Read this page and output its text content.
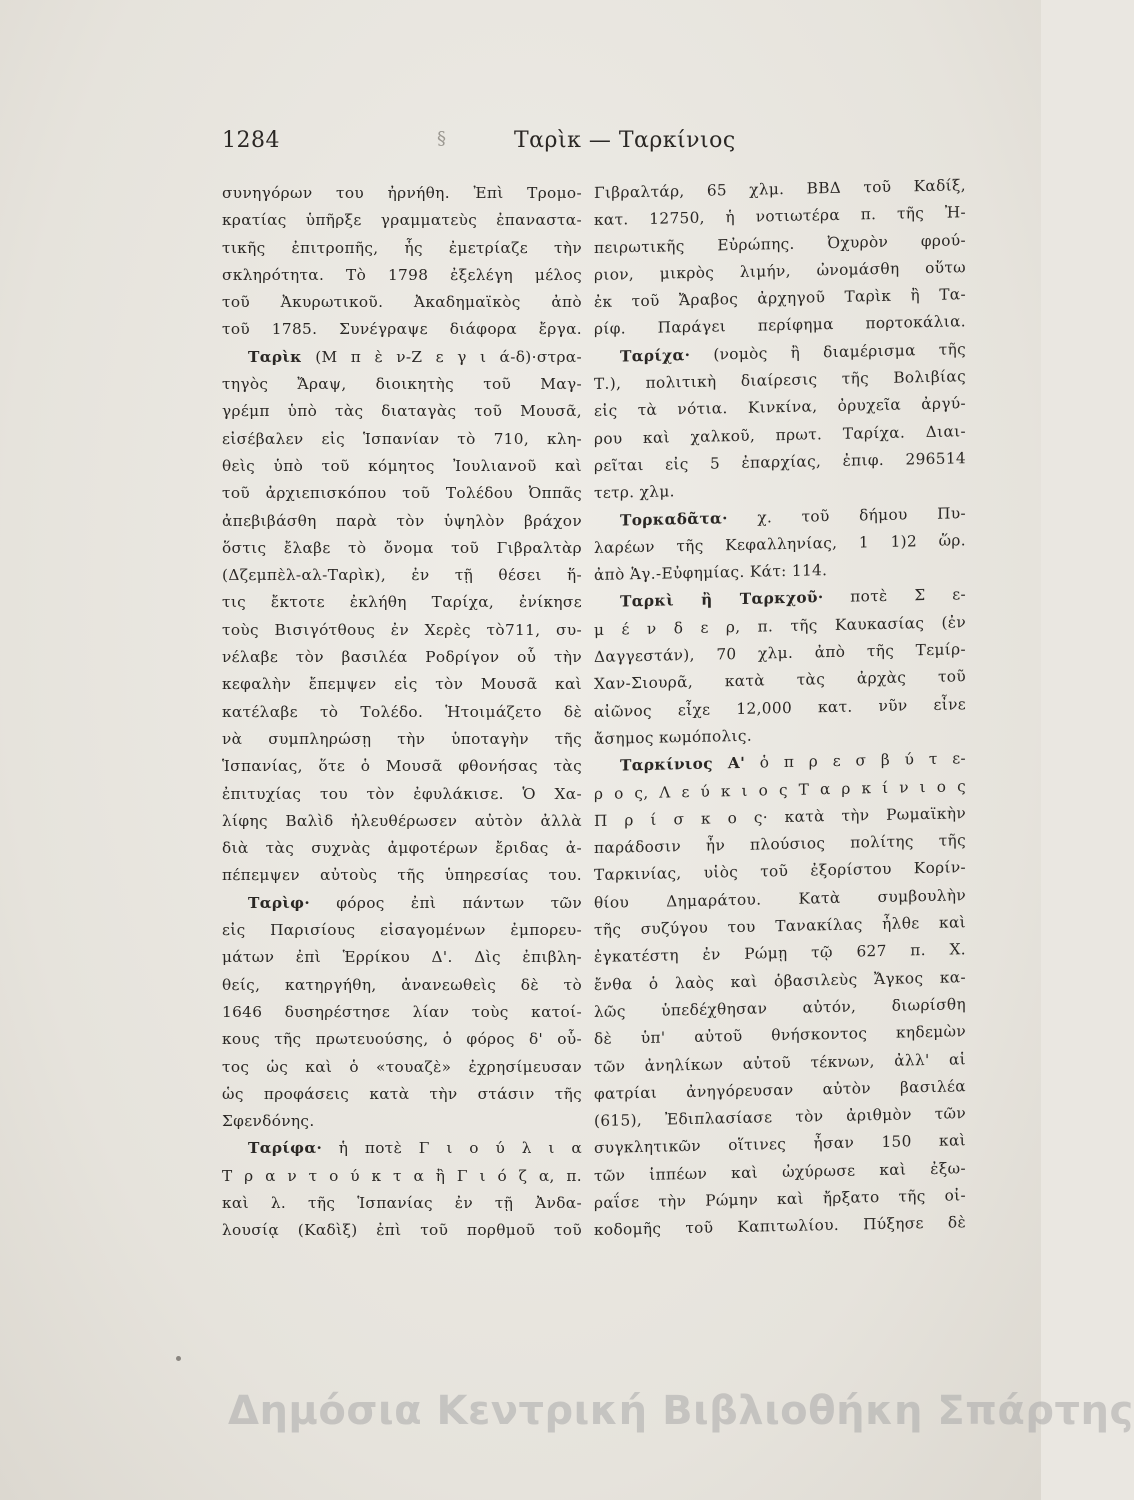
1284	§	Ταρὶκ — Ταρκίνιος
συνηγόρων του ἠρνήθη. Ἐπὶ Τρομο-
κρατίας ὑπῆρξε γραμματεὺς ἐπαναστα-
τικῆς ἐπιτροπῆς, ἧς ἐμετρίαζε τὴν
σκληρότητα. Τὸ 1798 ἐξελέγη μέλος
τοῦ Ἀκυρωτικοῦ. Ἀκαδημαϊκὸς ἀπὸ
τοῦ 1785. Συνέγραψε διάφορα ἔργα.
Ταρὶκ (Μ π ὲ ν-Ζ ε γ ι ά-δ)·στρα-
τηγὸς Ἄραψ, διοικητὴς τοῦ Μαγ-
γρέμπ ὑπὸ τὰς διαταγὰς τοῦ Μουσᾶ,
εἰσέβαλεν εἰς Ἱσπανίαν τὸ 710, κλη-
θεὶς ὑπὸ τοῦ κόμητος Ἰουλιανοῦ καὶ
τοῦ ἀρχιεπισκόπου τοῦ Τολέδου Ὀππᾶς
ἀπεβιβάσθη παρὰ τὸν ὑψηλὸν βράχον
ὅστις ἔλαβε τὸ ὄνομα τοῦ Γιβραλτὰρ
(Δζεμπὲλ-αλ-Ταρὶκ), ἐν τῇ θέσει ἥ-
τις ἔκτοτε ἐκλήθη Ταρίχα, ἐνίκησε
τοὺς Βισιγότθους ἐν Χερὲς τὸ711, συ-
νέλαβε τὸν βασιλέα Ροδρίγον οὗ τὴν
κεφαλὴν ἔπεμψεν εἰς τὸν Μουσᾶ καὶ
κατέλαβε τὸ Τολέδο. Ἡτοιμάζετο δὲ
νὰ συμπληρώσῃ τὴν ὑποταγὴν τῆς
Ἱσπανίας, ὅτε ὁ Μουσᾶ φθονήσας τὰς
ἐπιτυχίας του τὸν ἐφυλάκισε. Ὁ Χα-
λίφης Βαλὶδ ἠλευθέρωσεν αὐτὸν ἀλλὰ
διὰ τὰς συχνὰς ἀμφοτέρων ἔριδας ἀ-
πέπεμψεν αὐτοὺς τῆς ὑπηρεσίας του.
Ταρὶφ· φόρος ἐπὶ πάντων τῶν
εἰς Παρισίους εἰσαγομένων ἐμπορευ-
μάτων ἐπὶ Ἑρρίκου Δ'. Δὶς ἐπιβλη-
θείς, κατηργήθη, ἀνανεωθεὶς δὲ τὸ
1646 δυσηρέστησε λίαν τοὺς κατοί-
κους τῆς πρωτευούσης, ὁ φόρος δ' οὗ-
τος ὡς καὶ ὁ «τουαζὲ» ἐχρησίμευσαν
ὡς προφάσεις κατὰ τὴν στάσιν τῆς
Σφενδόνης.
Ταρίφα· ἡ ποτὲ Γ ι ο ύ λ ι α
Τ ρ α ν τ ο ύ κ τ α ἢ Γ ι ό ζ α, π.
καὶ λ. τῆς Ἱσπανίας ἐν τῇ Ἀνδα-
λουσίᾳ (Καδὶξ) ἐπὶ τοῦ πορθμοῦ τοῦ
Γιβραλτάρ, 65 χλμ. ΒΒΔ τοῦ Καδίξ,
κατ. 12750, ἡ νοτιωτέρα π. τῆς Ἠ-
πειρωτικῆς Εὐρώπης. Ὀχυρὸν φρού-
ριον, μικρὸς λιμήν, ὠνομάσθη οὕτω
ἐκ τοῦ Ἄραβος ἀρχηγοῦ Ταρὶκ ἢ Τα-
ρίφ. Παράγει περίφημα πορτοκάλια.
Ταρίχα· (νομὸς ἢ διαμέρισμα τῆς
Τ.), πολιτικὴ διαίρεσις τῆς Βολιβίας
εἰς τὰ νότια. Κινκίνα, ὀρυχεῖα ἀργύ-
ρου καὶ χαλκοῦ, πρωτ. Ταρίχα. Διαι-
ρεῖται εἰς 5 ἐπαρχίας, ἐπιφ. 296514
τετρ. χλμ.
Τορκαδᾶτα· χ. τοῦ δήμου Πυ-
λαρέων τῆς Κεφαλληνίας, 1 1)2 ὥρ.
ἀπὸ Ἁγ.-Εὐφημίας. Κάτ: 114.
Ταρκὶ ἢ Ταρκχοῦ· ποτὲ Σ ε-
μ έ ν δ ε ρ, π. τῆς Καυκασίας (ἐν
Δαγγεστάν), 70 χλμ. ἀπὸ τῆς Τεμίρ-
Χαν-Σιουρᾶ, κατὰ τὰς ἀρχὰς τοῦ
αἰῶνος εἶχε 12,000 κατ. νῦν εἶνε
ἄσημος κωμόπολις.
Ταρκίνιος Α' ὁ π ρ ε σ β ύ τ ε-
ρ ο ς, Λ ε ύ κ ι ο ς Τ α ρ κ ί ν ι ο ς
Π ρ ί σ κ ο ς· κατὰ τὴν Ρωμαϊκὴν
παράδοσιν ἦν πλούσιος πολίτης τῆς
Ταρκινίας, υἱὸς τοῦ ἐξορίστου Κορίν-
θίου Δημαράτου. Κατὰ συμβουλὴν
τῆς συζύγου του Τανακίλας ἦλθε καὶ
ἐγκατέστη ἐν Ρώμῃ τῷ 627 π. Χ.
ἔνθα ὁ λαὸς καὶ ὁβασιλεὺς Ἄγκος κα-
λῶς ὑπεδέχθησαν αὐτόν, διωρίσθη
δὲ ὑπ' αὐτοῦ θνήσκοντος κηδεμὼν
τῶν ἀνηλίκων αὐτοῦ τέκνων, ἀλλ' αἱ
φατρίαι ἀνηγόρευσαν αὐτὸν βασιλέα
(615), Ἐδιπλασίασε τὸν ἀριθμὸν τῶν
συγκλητικῶν οἵτινες ἦσαν 150 καὶ
τῶν ἱππέων καὶ ὠχύρωσε καὶ ἐξω-
ραΐσε τὴν Ρώμην καὶ ἤρξατο τῆς οἰ-
κοδομῆς τοῦ Καπιτωλίου. Πύξησε δὲ
Δημόσια Κεντρική Βιβλιοθήκη Σπάρτης
